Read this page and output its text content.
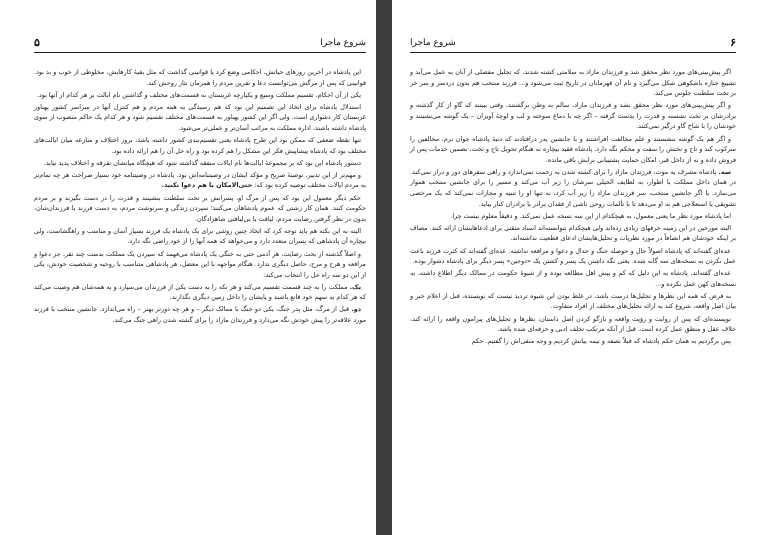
شروع ماجرا
۵

این پادشاه در آخرین روزهای حیاتش، احکامی وضع کرد یا قوانینی گذاشت که مثل بقیه‌ٔ کارهایش، مخلوطی از خوب و بد بود. قوانینی که پس از مرگش می‌توانست دعا و نفرین مردم را همزمان نثار روحش کند.

یکی از آن احکام، تقسیم مملکت وسیع و یکپارچه غربستان به قسمت‌های مختلف و گذاشتن نام ایالت بر هر کدام از آنها بود.

استدلال پادشاه برای اتخاذ این تصمیم این بود که هم رسیدگی به همه مردم و هم کنترل آنها در سراسر کشور پهناور غربستان کار دشواری است. ولی اگر این کشور پهناور به قسمت‌های مختلف تقسیم شود و هر کدام یک حاکم منصوب از سوی پادشاه داشته باشند، اداره مملکت به مراتب آسان‌تر و عملی‌تر می‌شود.

تنها نقطه ضعفی که ممکن بود این طرح پادشاه یعنی تقسیم‌بندی کشور داشته باشد، بروز اختلاف و منازعه میان ایالت‌های مختلف بود که پادشاه پیشاپیش فکر این مشکل را هم کرده بود و راه حل آن را هم ارائه داده بود.

دستور پادشاه این بود که بر مجموعه‌ٔ ایالت‌ها نام ایالات متفقه گذاشته شود که هیچگاه میانشان تفرقه و اختلاف پدید نیاید.

و مهم‌تر از این تدبیر، توصیهٔ صریح و مؤکد ایشان در وصیتنامه‌اش بود. پادشاه در وصیتنامه خود بسیار صراحت هر چه تمام‌تر به مردم ایالات مختلف توصیه کرده بود که: حتی‌الامکان با هم دعوا نکنید.

حکم دیگر معمول این بود که پس از مرگ او، پسرانش بر تخت سلطنت بنشینند و قدرت را در دست بگیرند و بر مردم حکومت کنند. همان کار زشتی که عموم پادشاهان می‌کنند؛ سپردن زندگی و سرنوشت مردم، به دست فرزند یا فرزندان‌شان، بدون در نظر گرفتن رضایت مردم، لیاقت یا بی‌لیاقتی شاهزادگان.

البته به این نکته هم باید توجه کرد که اتخاذ چنین روشی برای یک پادشاه یک فرزند بسیار آسان و مناسب و راهگشاست، ولی بیچاره آن پادشاهی که پسران متعدد دارد و می‌خواهد که همه آنها را از خود راضی نگه دارد.

و اصلاً گذشته از بحث رضایت، هر آدمی حتی به خنگی یک پادشاه می‌فهمد که سپردن یک مملکت بدست چند نفر، جز دعوا و مرافعه و هرج و مرج، حاصل دیگری ندارد. هنگام مواجهه با این معضل، هر پادشاهی متناسب با روحیه و شخصیت خودش، یکی از این دو سه راه حل را انتخاب می‌کند:

یک. مملکت را به چند قسمت تقسیم می‌کند و هر تکه را به دست یکی از فرزندان می‌سپارد و به همه‌شان هم وصیت می‌کند که هر کدام به سهم خود قانع باشند و پایشان را داخل زمین دیگری نگذارند.

دو. قبل از مرگ، مثل پدر جنگ، یکی دو جنگ با ممالک دیگر – و هر چه دورتر بهتر – راه می‌اندازد. جانشین منتخب با فرزند مورد علاقه‌تر را پیش خودش نگه می‌دارد و فرزندان مازاد را برای گشته شدن راهی جنگ می‌کند.

شروع ماجرا	۶

اگر پیش‌بینی‌های مورد نظر محقق شد و فرزندان مازاد به سلامتی کشته شدند، که تجلیل مفصلی از آنان به عمل می‌آید و تشییع جنازه باشکوهی شکل می‌گیرد و نام آن قهرمانان در تاریخ ثبت می‌شود و... فرزند منتخب هم بدون دردسر و سر خر بر تخت سلطنت جلوس می‌کند.

و اگر پیش‌بینی‌های مورد نظر محقق نشد و فرزندان مازاد، سالم به وطن برگشتند، وقتی ببینند که گاو از کار گذشته و برادرشان بر تخت نشسته و قدرت را بدست گرفته – اگر چه با دماغ سوخته و لب و لوچهٔ آویزان – یک گوشه می‌نشینند و خودشان را با شاخ گاو درگیر نمی‌کنند.

و اگر هم یک گوشه ننشستند و علم مخالفت افراشتند و با جانشین پدر درافتادند که دنبهٔ پادشاه جوان نرم، مخالفین را سرکوب کند و تاج و تختش را سفت و محکم نگه دارد. پادشاه فقید بیچاره نه هنگام تحویل تاج و تخت، تضمین خدمات پس از فروش داده و نه از داخل قبر، امکان حمایت پشتیبانی برایش باقی مانده.

سه. پادشاه مشرف به موت، فرزندان مازاد را برای کشته شدن به زحمت نمی‌اندازد و راهی سفرهای دور و دراز نمی‌کند. در همان داخل مملکت با اطوار، به لطایف الحیلی سرشان را زیر آب می‌کند و مسیر را برای جانشین منتخب هموار می‌سازد. یا اگر جانشین منتخب، سر فرزندان مازاد را زیر آب کرد، نه تنها او را تنبیه و مجازات نمی‌کند که یک مرخصی تشویقی یا استعلاجی هم به او می‌دهد تا با تألمات روحی ناشی از فقدان برادر یا برادران کنار بیاید.

اما پادشاه مورد نظر ما یعنی معمول، به هیچکدام از این سه نسخه عمل نمی‌کند. و دقیقاً معلوم نیست چرا.

البته مورخین در این زمینه حرفهای زیادی زده‌اند ولی هیچکدام نتوانسته‌اند اسناد متقنی برای ادعاهایشان ارائه کنند. مضاف بر اینکه خودشان هم انصافاً در مورد نظریات و تحلیل‌هایشان ادعای قطعیت نداشته‌اند.

عده‌ای گفته‌اند که پادشاه اصولاً حال و حوصله جنگ و جدال و دعوا و مرافعه نداشته. عده‌ای گفته‌اند که کثرت فرزند باعث عمل نکردن به نسخه‌های سه گانه شده. یعنی نگه داشتن یک پسر و کشتن یک «دوجین» پسر دیگر برای پادشاه دشوار بوده.

عده‌ای گفته‌اند، پادشاه به این دلیل که کم و بیش اهل مطالعه بوده و از شیوهٔ حکومت در ممالک دیگر اطلاع داشته، به نسخه‌های کهن عمل نکرده و...

به فرض که همه این نظرها و تحلیل‌ها درست باشد، در غلط بودن این شیوه تردید نیست که نویسنده، قبل از اعلام خبر و بیان اصل واقعه، شروع کند به ارائه تحلیل‌های مختلف از افراد متفاوت.

نویسنده‌ای که پس از روایت و رؤیت واقعه و بازگو کردن اصل داستان، نظرها و تحلیل‌های پیرامون واقعه را ارائه کند، خلاف عقل و منطق عمل کرده است. قبل از آنکه مرتکب تخلف ادبی و حرفه‌ای شده باشد.

پس برگردیم به همان حکم پادشاه که قبلاً نصفه و نیمه بیانش کردیم و وجه منفی‌اش را گفتیم. حکم
